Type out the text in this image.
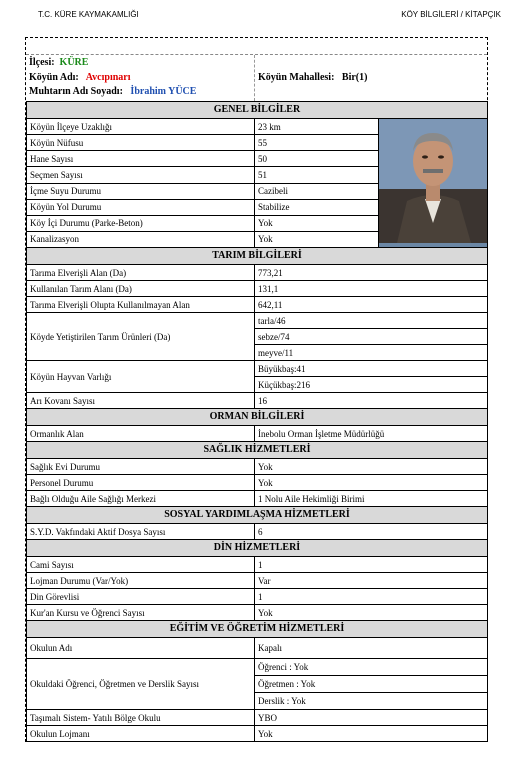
T.C. KÜRE KAYMAKAMLIĞI	KÖY BİLGİLERİ / KİTAPÇIK
İlçesi: KÜRE
Köyün Adı: Avcıpınarı	Köyün Mahallesi: Bir(1)
Muhtarın Adı Soyadı: İbrahim YÜCE
GENEL BİLGİLER		
Köyün İlçeye Uzaklığı	23 km	

Köyün Nüfusu	55	
Hane Sayısı	50	
Seçmen Sayısı	51	
İçme Suyu Durumu	Cazibeli	
Köyün Yol Durumu	Stabilize	
Köy İçi Durumu (Parke-Beton)	Yok	
Kanalizasyon	Yok	
TARIM BİLGİLERİ		
Tarıma Elverişli Alan (Da)	773,21	
Kullanılan Tarım Alanı (Da)	131,1	
Tarıma Elverişli Olupta Kullanılmayan Alan	642,11	
Köyde Yetiştirilen Tarım Ürünleri (Da)	tarla/46	
	sebze/74	
	meyve/11	
Köyün Hayvan Varlığı	Büyükbaş:41	
	Küçükbaş:216	
Arı Kovanı Sayısı	16	
ORMAN BİLGİLERİ		
Ormanlık Alan	İnebolu Orman İşletme Müdürlüğü	
SAĞLIK HİZMETLERİ		
Sağlık Evi Durumu	Yok	
Personel Durumu	Yok	
Bağlı Olduğu Aile Sağlığı Merkezi	1 Nolu Aile Hekimliği Birimi	
SOSYAL YARDIMLAŞMA HİZMETLERİ		
S.Y.D. Vakfındaki Aktif Dosya Sayısı	6	
DİN HİZMETLERİ		
Cami Sayısı	1	
Lojman Durumu (Var/Yok)	Var	
Din Görevlisi	1	
Kur'an Kursu ve Öğrenci Sayısı	Yok	
EĞİTİM VE ÖĞRETİM HİZMETLERİ		
Okulun Adı	Kapalı	
Okuldaki Öğrenci, Öğretmen ve Derslik Sayısı	Öğrenci : Yok	
	Öğretmen : Yok	
	Derslik : Yok	
Taşımalı Sistem- Yatılı Bölge Okulu	YBO	
Okulun Lojmanı	Yok	
